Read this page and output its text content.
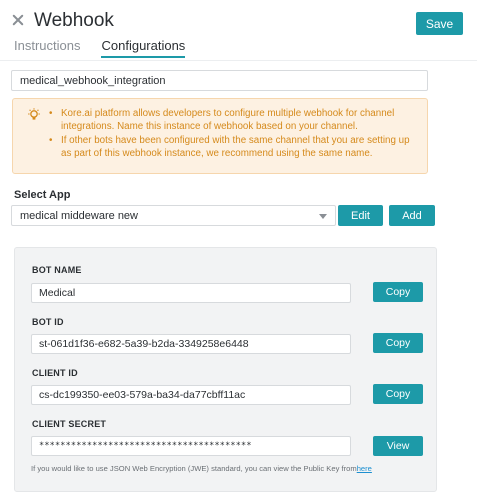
Webhook	Save
Instructions Configurations
medical_webhook_integration
• Kore.ai platform allows developers to configure multiple webhook for channel integrations. Name this instance of webhook based on your channel.
• If other bots have been configured with the same channel that you are setting up as part of this webhook instance, we recommend using the same name.
Select App
medical middeware new	Edit	Add
BOT NAME
Medical	Copy
BOT ID
st-061d1f36-e682-5a39-b2da-3349258e6448	Copy
CLIENT ID
cs-dc199350-ee03-579a-ba34-da77cbff11ac	Copy
CLIENT SECRET
****************************************	View
If you would like to use JSON Web Encryption (JWE) standard, you can view the Public Key fromhere
